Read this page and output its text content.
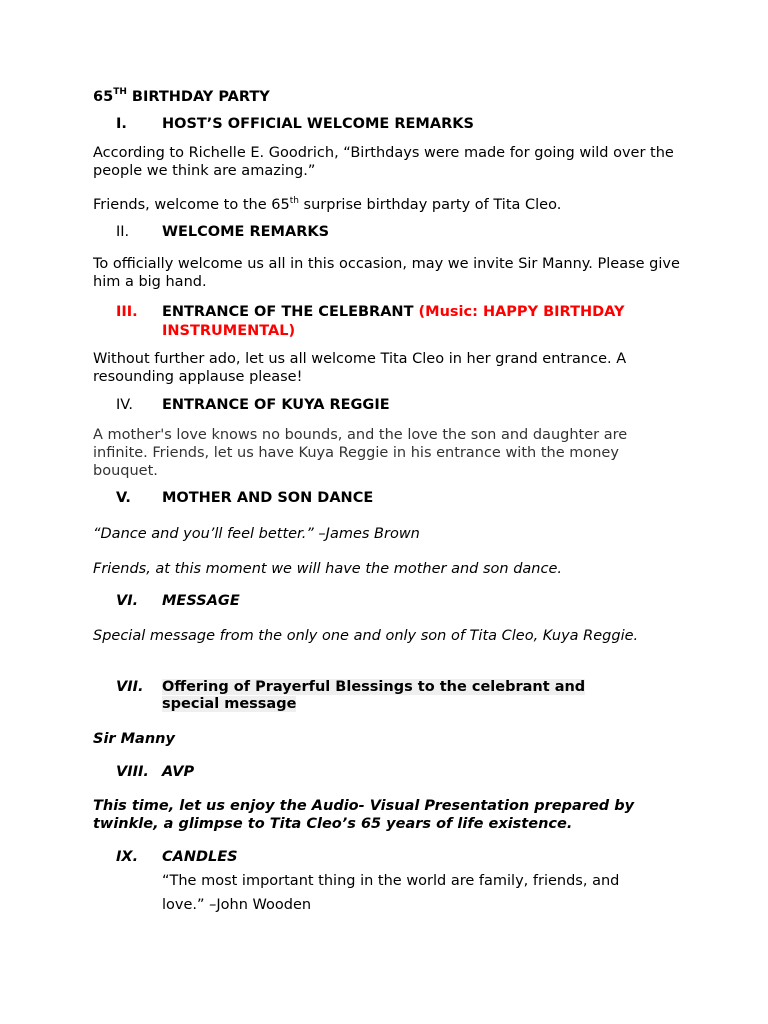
65TH BIRTHDAY PARTY
I. HOST’S OFFICIAL WELCOME REMARKS
According to Richelle E. Goodrich, “Birthdays were made for going wild over the people we think are amazing.”
Friends, welcome to the 65th surprise birthday party of Tita Cleo.
II. WELCOME REMARKS
To officially welcome us all in this occasion, may we invite Sir Manny. Please give him a big hand.
III. ENTRANCE OF THE CELEBRANT (Music: HAPPY BIRTHDAY
INSTRUMENTAL)
Without further ado, let us all welcome Tita Cleo in her grand entrance. A resounding applause please!
IV. ENTRANCE OF KUYA REGGIE
A mother's love knows no bounds, and the love the son and daughter are infinite. Friends, let us have Kuya Reggie in his entrance with the money bouquet.
V. MOTHER AND SON DANCE
“Dance and you’ll feel better.” –James Brown
Friends, at this moment we will have the mother and son dance.
VI. MESSAGE
Special message from the only one and only son of Tita Cleo, Kuya Reggie.
VII. Offering of Prayerful Blessings to the celebrant and
special message
Sir Manny
VIII. AVP
This time, let us enjoy the Audio- Visual Presentation prepared by twinkle, a glimpse to Tita Cleo’s 65 years of life existence.
IX. CANDLES
“The most important thing in the world are family, friends, and love.” –John Wooden
